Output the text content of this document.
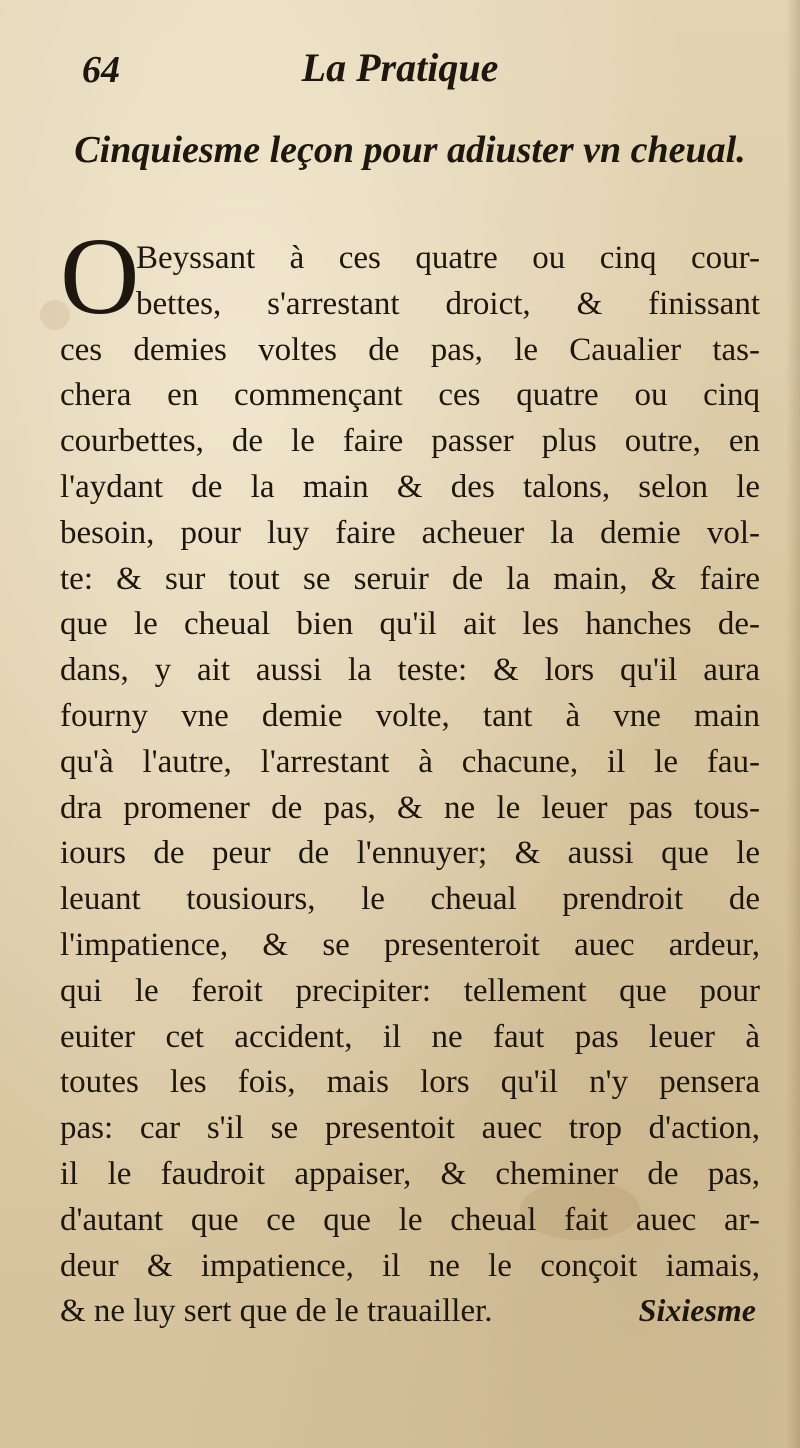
64	La Pratique
Cinquiesme leçon pour adiuster vn cheual.
O
Beyssant à ces quatre ou cinq cour-
bettes, s'arrestant droict, & finissant
ces demies voltes de pas, le Caualier tas-
chera en commençant ces quatre ou cinq
courbettes, de le faire passer plus outre, en
l'aydant de la main & des talons, selon le
besoin, pour luy faire acheuer la demie vol-
te: & sur tout se seruir de la main, & faire
que le cheual bien qu'il ait les hanches de-
dans, y ait aussi la teste: & lors qu'il aura
fourny vne demie volte, tant à vne main
qu'à l'autre, l'arrestant à chacune, il le fau-
dra promener de pas, & ne le leuer pas tous-
iours de peur de l'ennuyer; & aussi que le
leuant tousiours, le cheual prendroit de
l'impatience, & se presenteroit auec ardeur,
qui le feroit precipiter: tellement que pour
euiter cet accident, il ne faut pas leuer à
toutes les fois, mais lors qu'il n'y pensera
pas: car s'il se presentoit auec trop d'action,
il le faudroit appaiser, & cheminer de pas,
d'autant que ce que le cheual fait auec ar-
deur & impatience, il ne le conçoit iamais,
& ne luy sert que de le trauailler.	Sixiesme
